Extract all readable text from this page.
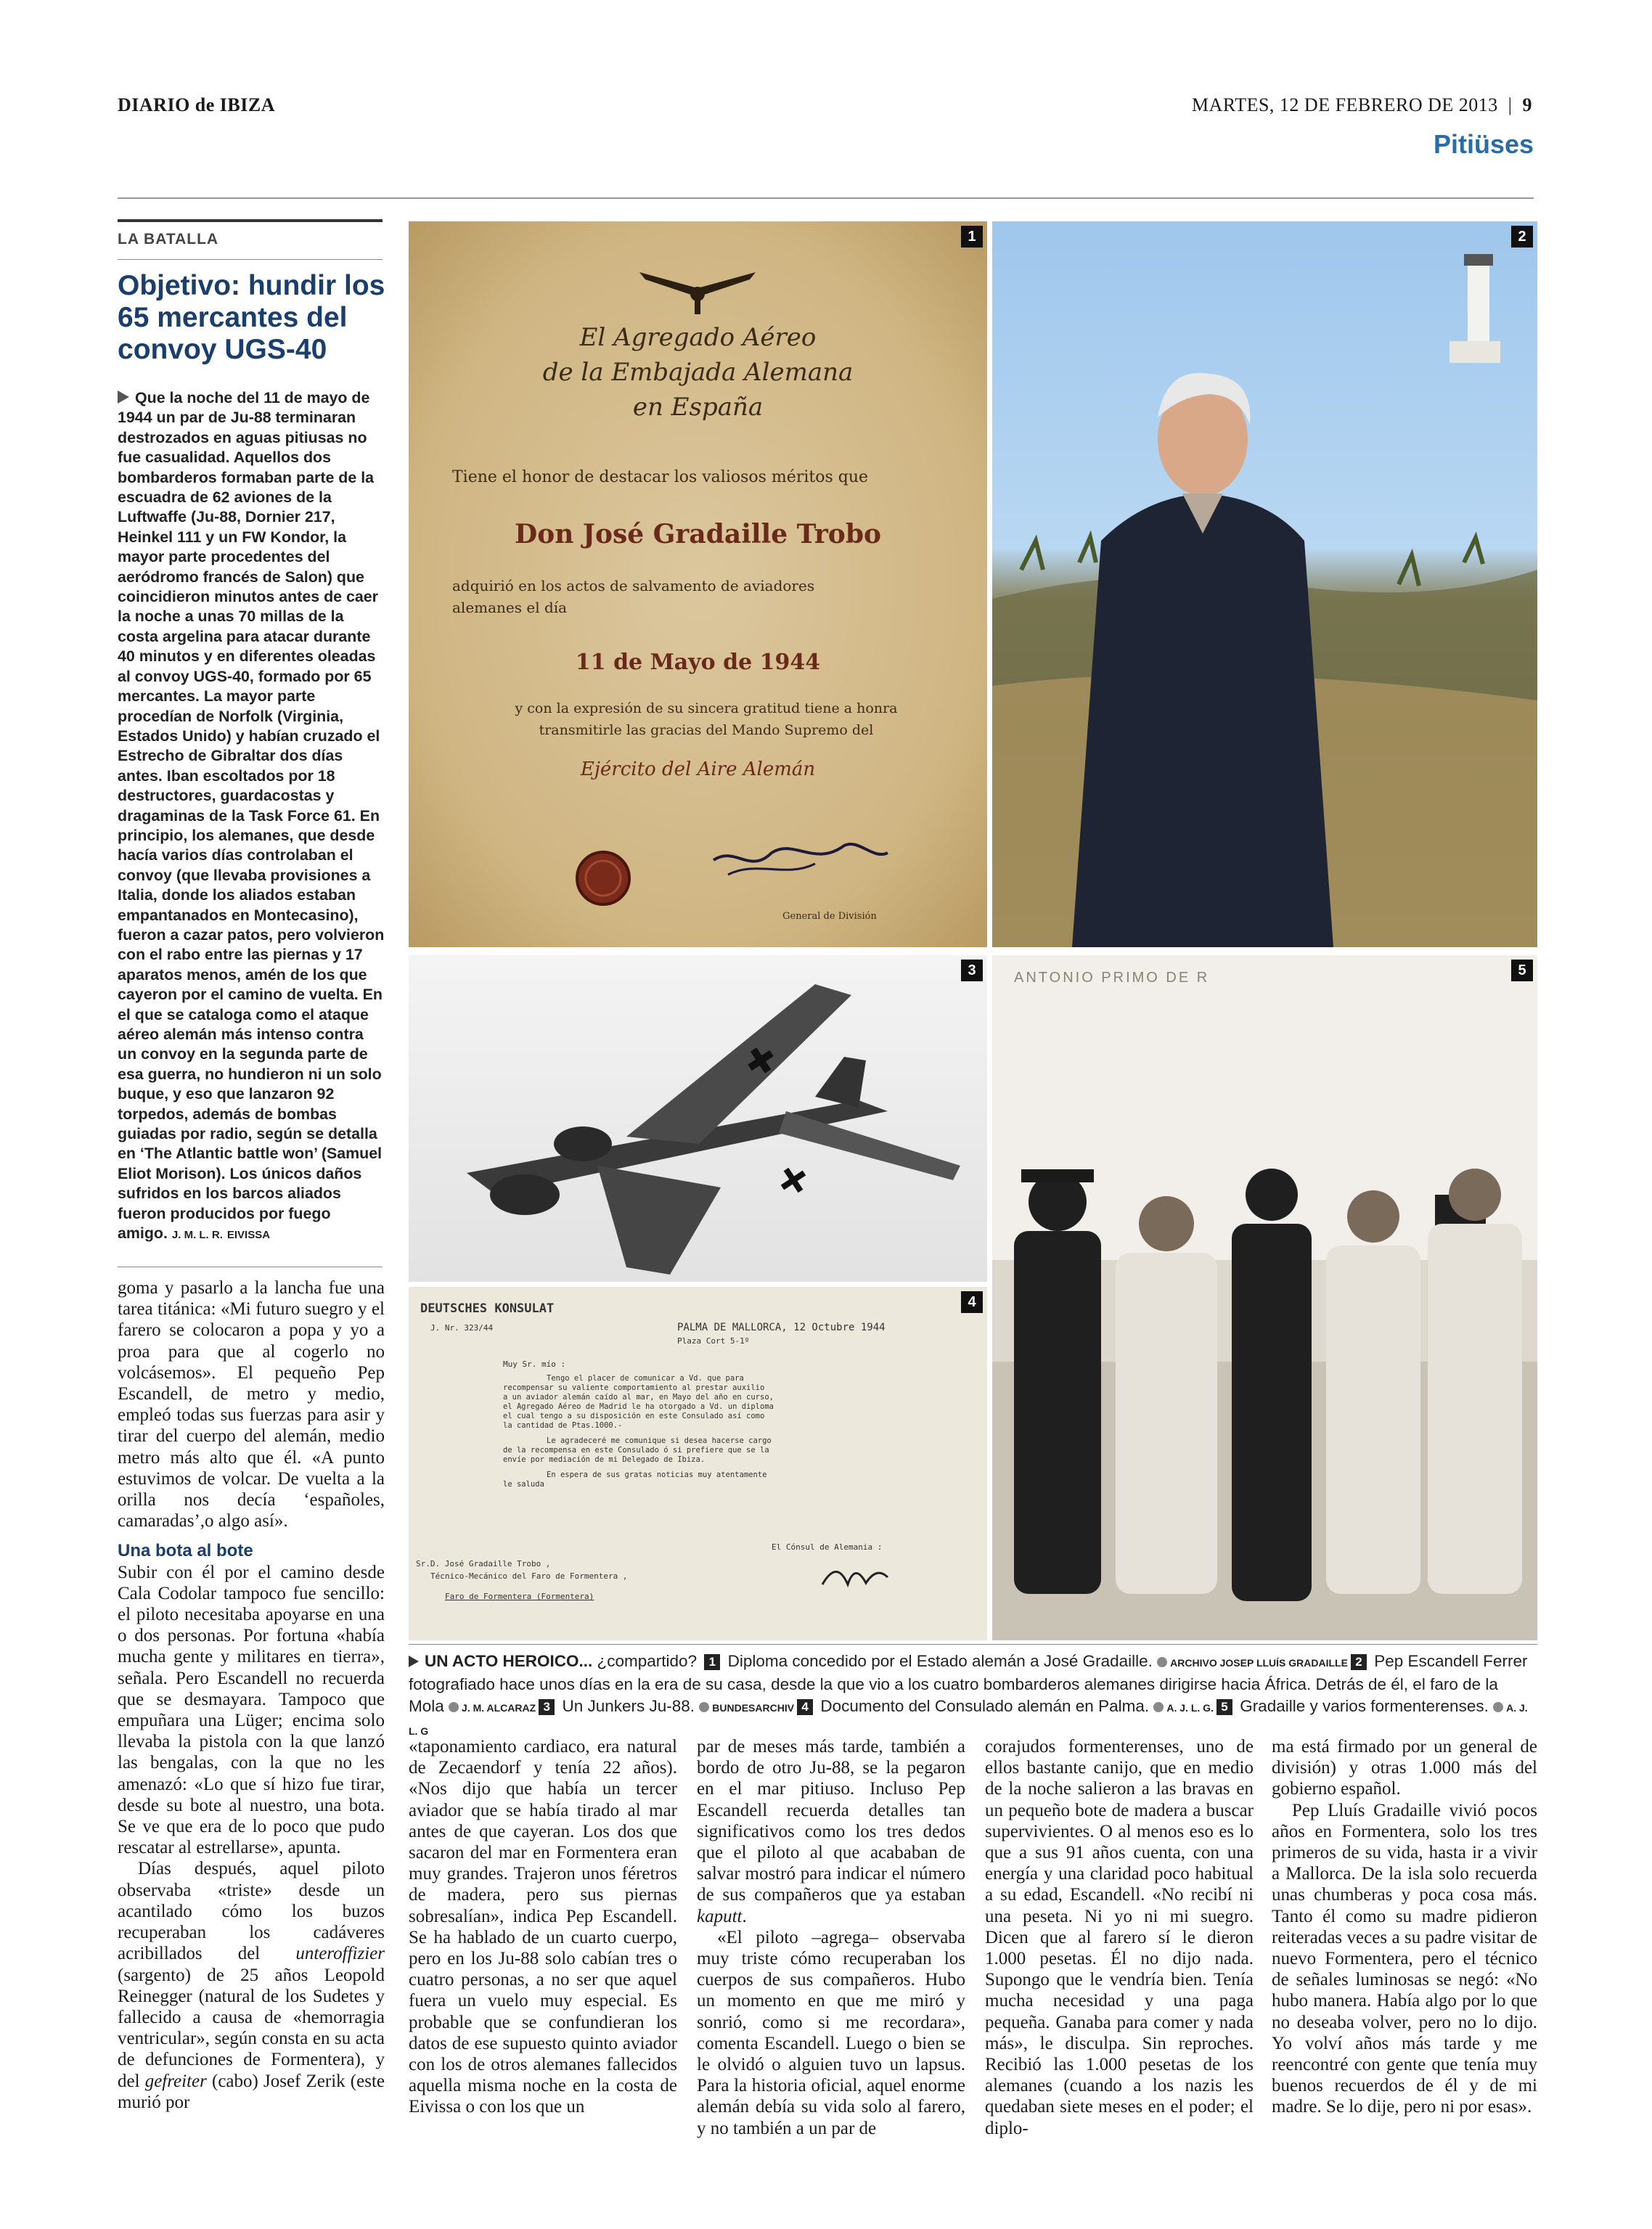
DIARIO de IBIZA	MARTES, 12 DE FEBRERO DE 2013  |  9
Pitiüses
LA BATALLA
Objetivo: hundir los 65 mercantes del convoy UGS-40
Que la noche del 11 de mayo de 1944 un par de Ju-88 terminaran destrozados en aguas pitiusas no fue casualidad. Aquellos dos bombarderos formaban parte de la escuadra de 62 aviones de la Luftwaffe (Ju-88, Dornier 217, Heinkel 111 y un FW Kondor, la mayor parte procedentes del aeródromo francés de Salon) que coincidieron minutos antes de caer la noche a unas 70 millas de la costa argelina para atacar durante 40 minutos y en diferentes oleadas al convoy UGS-40, formado por 65 mercantes. La mayor parte procedían de Norfolk (Virginia, Estados Unido) y habían cruzado el Estrecho de Gibraltar dos días antes. Iban escoltados por 18 destructores, guardacostas y dragaminas de la Task Force 61. En principio, los alemanes, que desde hacía varios días controlaban el convoy (que llevaba provisiones a Italia, donde los aliados estaban empantanados en Montecasino), fueron a cazar patos, pero volvieron con el rabo entre las piernas y 17 aparatos menos, amén de los que cayeron por el camino de vuelta. En el que se cataloga como el ataque aéreo alemán más intenso contra un convoy en la segunda parte de esa guerra, no hundieron ni un solo buque, y eso que lanzaron 92 torpedos, además de bombas guiadas por radio, según se detalla en ‘The Atlantic battle won’ (Samuel Eliot Morison). Los únicos daños sufridos en los barcos aliados fueron producidos por fuego amigo. J. M. L. R. EIVISSA

goma y pasarlo a la lancha fue una tarea titánica: «Mi futuro suegro y el farero se colocaron a popa y yo a proa para que al cogerlo no volcásemos». El pequeño Pep Escandell, de metro y medio, empleó todas sus fuerzas para asir y tirar del cuerpo del alemán, medio metro más alto que él. «A punto estuvimos de volcar. De vuelta a la orilla nos decía ‘españoles, camaradas’,o algo así».

Una bota al bote

Subir con él por el camino desde Cala Codolar tampoco fue sencillo: el piloto necesitaba apoyarse en una o dos personas. Por fortuna «había mucha gente y militares en tierra», señala. Pero Escandell no recuerda que se desmayara. Tampoco que empuñara una Lüger; encima solo llevaba la pistola con la que lanzó las bengalas, con la que no les amenazó: «Lo que sí hizo fue tirar, desde su bote al nuestro, una bota. Se ve que era de lo poco que pudo rescatar al estrellarse», apunta.

Días después, aquel piloto observaba «triste» desde un acantilado cómo los buzos recuperaban los cadáveres acribillados del unteroffizier (sargento) de 25 años Leopold Reinegger (natural de los Sudetes y fallecido a causa de «hemorragia ventricular», según consta en su acta de defunciones de Formentera), y del gefreiter (cabo) Josef Zerik (este murió por

1
El Agregado Aéreo
de la Embajada Alemana
en España
Tiene el honor de destacar los valiosos méritos que
Don José Gradaille Trobo
adquirió en los actos de salvamento de aviadores
alemanes el día
11 de Mayo de 1944
y con la expresión de su sincera gratitud tiene a honra
transmitirle las gracias del Mando Supremo del
Ejército del Aire Alemán
General de División
2
3
4
DEUTSCHES KONSULAT
J. Nr. 323/44	PALMA DE MALLORCA, 12 Octubre 1944
Plaza Cort 5-1º
Muy Sr. mío :
Tengo el placer de comunicar a Vd. que para
recompensar su valiente comportamiento al prestar auxilio
a un aviador alemán caído al mar, en Mayo del año en curso,
el Agregado Aéreo de Madrid le ha otorgado a Vd. un diploma
el cual tengo a su disposición en este Consulado así como
la cantidad de Ptas.1000.-
Le agradeceré me comunique si desea hacerse cargo
de la recompensa en este Consulado ó si prefiere que se la
envíe por mediación de mi Delegado de Ibiza.
En espera de sus gratas noticias muy atentamente
le saluda
El Cónsul de Alemania :
Sr.D. José Gradaille Trobo ,
Técnico-Mecánico del Faro de Formentera ,
Faro de Formentera (Formentera)
ANTONIO PRIMO DE R	5
UN ACTO HEROICO... ¿compartido? 1 Diploma concedido por el Estado alemán a José Gradaille. ARCHIVO JOSEP LLUÍS GRADAILLE 2 Pep Escandell Ferrer fotografiado hace unos días en la era de su casa, desde la que vio a los cuatro bombarderos alemanes dirigirse hacia África. Detrás de él, el faro de la Mola J. M. ALCARAZ 3 Un Junkers Ju-88. BUNDESARCHIV 4 Documento del Consulado alemán en Palma. A. J. L. G. 5 Gradaille y varios formenterenses. A. J. L. G

«taponamiento cardiaco, era natural de Zecaendorf y tenía 22 años). «Nos dijo que había un tercer aviador que se había tirado al mar antes de que cayeran. Los dos que sacaron del mar en Formentera eran muy grandes. Trajeron unos féretros de madera, pero sus piernas sobresalían», indica Pep Escandell. Se ha hablado de un cuarto cuerpo, pero en los Ju-88 solo cabían tres o cuatro personas, a no ser que aquel fuera un vuelo muy especial. Es probable que se confundieran los datos de ese supuesto quinto aviador con los de otros alemanes fallecidos aquella misma noche en la costa de Eivissa o con los que un

par de meses más tarde, también a bordo de otro Ju-88, se la pegaron en el mar pitiuso. Incluso Pep Escandell recuerda detalles tan significativos como los tres dedos que el piloto al que acababan de salvar mostró para indicar el número de sus compañeros que ya estaban kaputt.

«El piloto –agrega– observaba muy triste cómo recuperaban los cuerpos de sus compañeros. Hubo un momento en que me miró y sonrió, como si me recordara», comenta Escandell. Luego o bien se le olvidó o alguien tuvo un lapsus. Para la historia oficial, aquel enorme alemán debía su vida solo al farero, y no también a un par de

corajudos formenterenses, uno de ellos bastante canijo, que en medio de la noche salieron a las bravas en un pequeño bote de madera a buscar supervivientes. O al menos eso es lo que a sus 91 años cuenta, con una energía y una claridad poco habitual a su edad, Escandell. «No recibí ni una peseta. Ni yo ni mi suegro. Dicen que al farero sí le dieron 1.000 pesetas. Él no dijo nada. Supongo que le vendría bien. Tenía mucha necesidad y una paga pequeña. Ganaba para comer y nada más», le disculpa. Sin reproches. Recibió las 1.000 pesetas de los alemanes (cuando a los nazis les quedaban siete meses en el poder; el diplo-

ma está firmado por un general de división) y otras 1.000 más del gobierno español.

Pep Lluís Gradaille vivió pocos años en Formentera, solo los tres primeros de su vida, hasta ir a vivir a Mallorca. De la isla solo recuerda unas chumberas y poca cosa más. Tanto él como su madre pidieron reiteradas veces a su padre visitar de nuevo Formentera, pero el técnico de señales luminosas se negó: «No hubo manera. Había algo por lo que no deseaba volver, pero no lo dijo. Yo volví años más tarde y me reencontré con gente que tenía muy buenos recuerdos de él y de mi madre. Se lo dije, pero ni por esas».
